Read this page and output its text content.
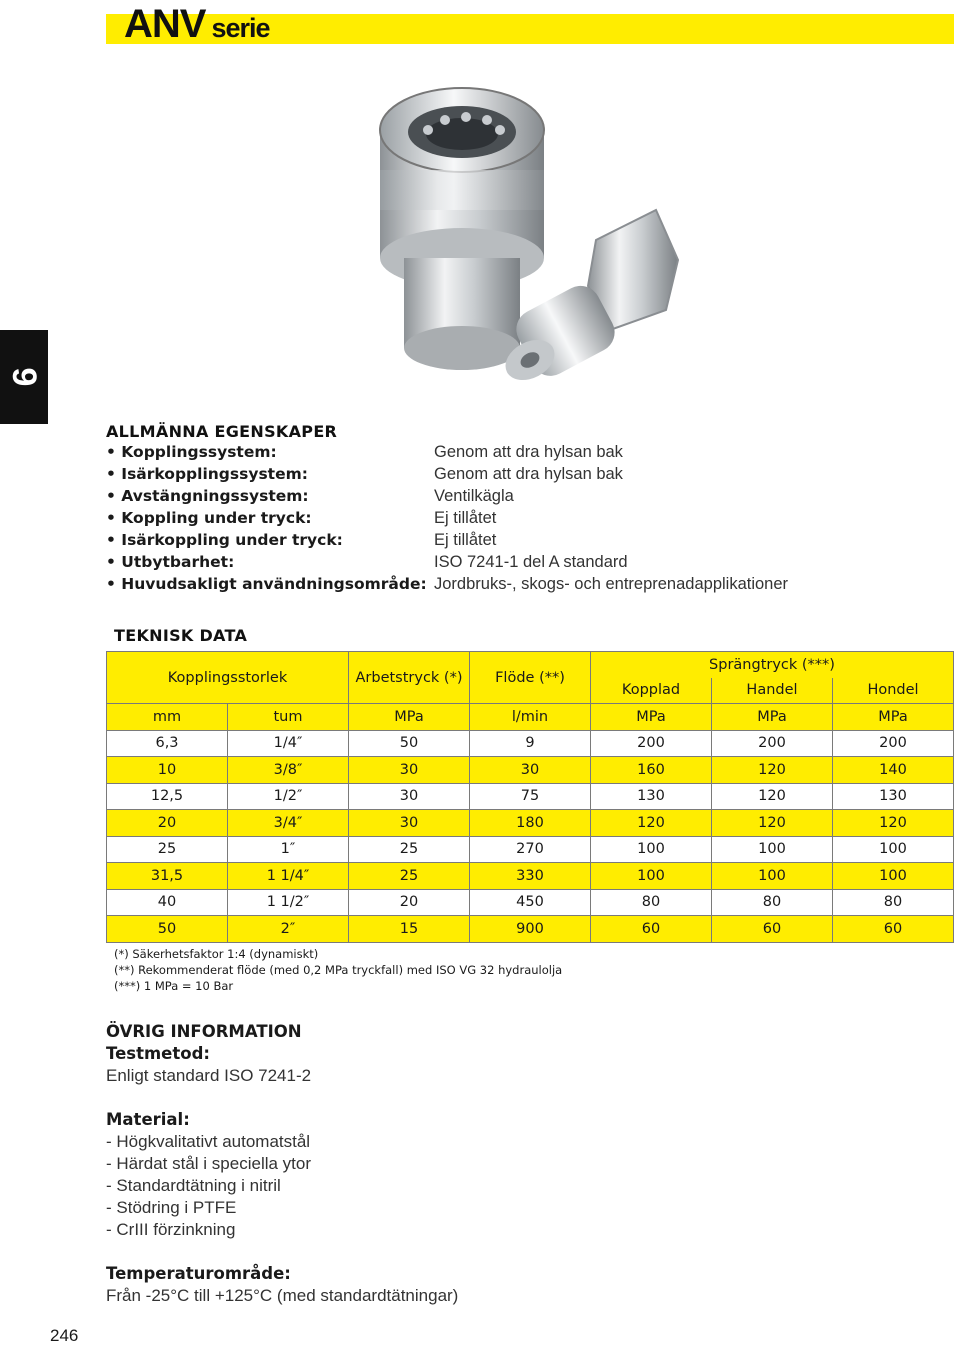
ANV serie
9
ALLMÄNNA EGENSKAPER
• Kopplingssystem:	Genom att dra hylsan bak
• Isärkopplingssystem:	Genom att dra hylsan bak
• Avstängningssystem:	Ventilkägla
• Koppling under tryck:	Ej tillåtet
• Isärkoppling under tryck:	Ej tillåtet
• Utbytbarhet:	ISO 7241-1 del A standard
• Huvudsakligt användningsområde: Jordbruks-, skogs- och entreprenadapplikationer
TEKNISK DATA
Kopplingsstorlek		Arbetstryck (*)	Flöde (**)	Sprängtryck (***)		
				Kopplad	Handel	Hondel
mm	tum	MPa	l/min	MPa	MPa	MPa
6,3	1/4″	50	9	200	200	200
10	3/8″	30	30	160	120	140
12,5	1/2″	30	75	130	120	130
20	3/4″	30	180	120	120	120
25	1″	25	270	100	100	100
31,5	1 1/4″	25	330	100	100	100
40	1 1/2″	20	450	80	80	80
50	2″	15	900	60	60	60
(*) Säkerhetsfaktor 1:4 (dynamiskt)
(**) Rekommenderat flöde (med 0,2 MPa tryckfall) med ISO VG 32 hydraulolja
(***) 1 MPa = 10 Bar
ÖVRIG INFORMATION
Testmetod:
Enligt standard ISO 7241-2
Material:
- Högkvalitativt automatstål
- Härdat stål i speciella ytor
- Standardtätning i nitril
- Stödring i PTFE
- CrIII förzinkning
Temperaturområde:
Från -25°C till +125°C (med standardtätningar)
246
